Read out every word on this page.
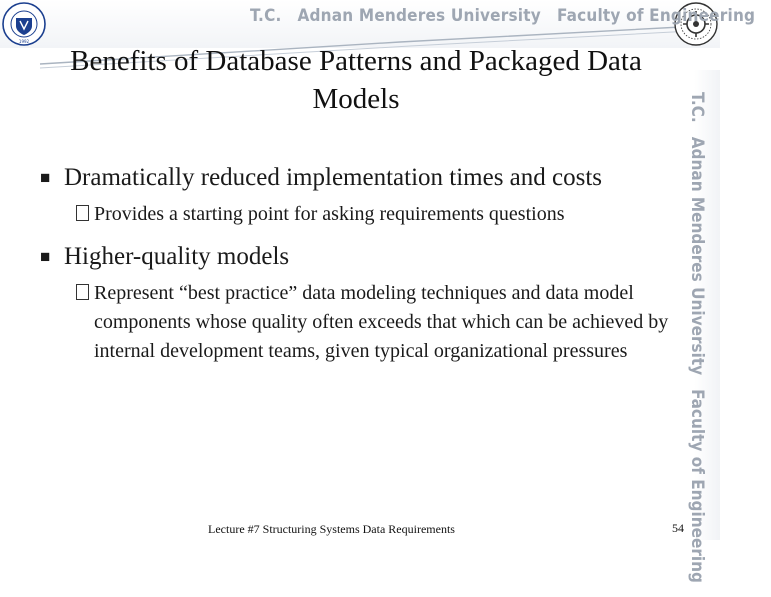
1992
T.C. Adnan Menderes University Faculty of Engineering
T.C.Adnan Menderes UniversityFaculty of Engineering
Benefits of Database Patterns and Packaged Data Models
■ Dramatically reduced implementation times and costs
Provides a starting point for asking requirements questions
■ Higher-quality models
Represent “best practice” data modeling techniques and data model components whose quality often exceeds that which can be achieved by internal development teams, given typical organizational pressures
Lecture #7 Structuring Systems Data Requirements	54
